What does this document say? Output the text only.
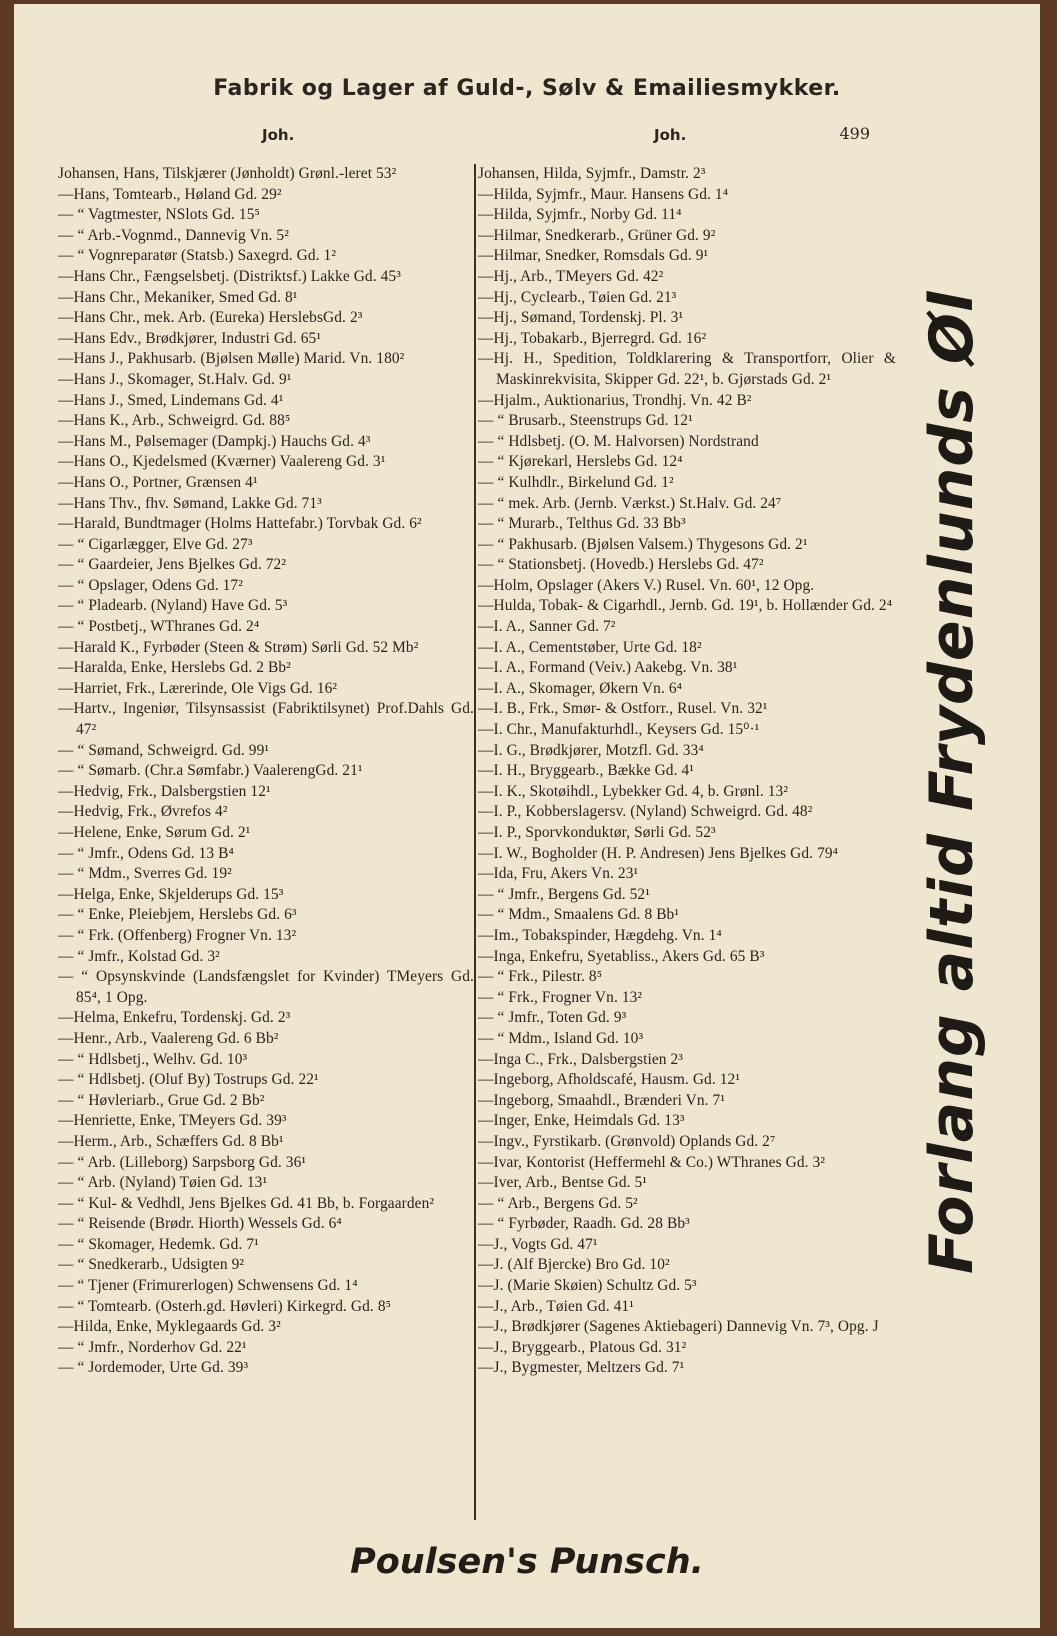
Fabrik og Lager af Guld-, Sølv & Emailiesmykker.
Joh.	Joh.	499
Johansen, Hans, Tilskjærer (Jønholdt) Grønl.-leret 53²
—Hans, Tomtearb., Høland Gd. 29²
— “ Vagtmester, NSlots Gd. 15⁵
— “ Arb.-Vognmd., Dannevig Vn. 5²
— “ Vognreparatør (Statsb.) Saxegrd. Gd. 1²
—Hans Chr., Fængselsbetj. (Distriktsf.) Lakke Gd. 45³
—Hans Chr., Mekaniker, Smed Gd. 8¹
—Hans Chr., mek. Arb. (Eureka) HerslebsGd. 2³
—Hans Edv., Brødkjører, Industri Gd. 65¹
—Hans J., Pakhusarb. (Bjølsen Mølle) Marid. Vn. 180²
—Hans J., Skomager, St.Halv. Gd. 9¹
—Hans J., Smed, Lindemans Gd. 4¹
—Hans K., Arb., Schweigrd. Gd. 88⁵
—Hans M., Pølsemager (Dampkj.) Hauchs Gd. 4³
—Hans O., Kjedelsmed (Kværner) Vaalereng Gd. 3¹
—Hans O., Portner, Grænsen 4¹
—Hans Thv., fhv. Sømand, Lakke Gd. 71³
—Harald, Bundtmager (Holms Hattefabr.) Torvbak Gd. 6²
— “ Cigarlægger, Elve Gd. 27³
— “ Gaardeier, Jens Bjelkes Gd. 72²
— “ Opslager, Odens Gd. 17²
— “ Pladearb. (Nyland) Have Gd. 5³
— “ Postbetj., WThranes Gd. 2⁴
—Harald K., Fyrbøder (Steen & Strøm) Sørli Gd. 52 Mb²
—Haralda, Enke, Herslebs Gd. 2 Bb²
—Harriet, Frk., Lærerinde, Ole Vigs Gd. 16²
—Hartv., Ingeniør, Tilsynsassist (Fabriktilsynet) Prof.Dahls Gd. 47²
— “ Sømand, Schweigrd. Gd. 99¹
— “ Sømarb. (Chr.a Sømfabr.) VaalerengGd. 21¹
—Hedvig, Frk., Dalsbergstien 12¹
—Hedvig, Frk., Øvrefos 4²
—Helene, Enke, Sørum Gd. 2¹
— “ Jmfr., Odens Gd. 13 B⁴
— “ Mdm., Sverres Gd. 19²
—Helga, Enke, Skjelderups Gd. 15³
— “ Enke, Pleiebjem, Herslebs Gd. 6³
— “ Frk. (Offenberg) Frogner Vn. 13²
— “ Jmfr., Kolstad Gd. 3²
— “ Opsynskvinde (Landsfængslet for Kvinder) TMeyers Gd. 85⁴, 1 Opg.
—Helma, Enkefru, Tordenskj. Gd. 2³
—Henr., Arb., Vaalereng Gd. 6 Bb²
— “ Hdlsbetj., Welhv. Gd. 10³
— “ Hdlsbetj. (Oluf By) Tostrups Gd. 22¹
— “ Høvleriarb., Grue Gd. 2 Bb²
—Henriette, Enke, TMeyers Gd. 39³
—Herm., Arb., Schæffers Gd. 8 Bb¹
— “ Arb. (Lilleborg) Sarpsborg Gd. 36¹
— “ Arb. (Nyland) Tøien Gd. 13¹
— “ Kul- & Vedhdl, Jens Bjelkes Gd. 41 Bb, b. Forgaarden²
— “ Reisende (Brødr. Hiorth) Wessels Gd. 6⁴
— “ Skomager, Hedemk. Gd. 7¹
— “ Snedkerarb., Udsigten 9²
— “ Tjener (Frimurerlogen) Schwensens Gd. 1⁴
— “ Tomtearb. (Osterh.gd. Høvleri) Kirkegrd. Gd. 8⁵
—Hilda, Enke, Myklegaards Gd. 3²
— “ Jmfr., Norderhov Gd. 22¹
— “ Jordemoder, Urte Gd. 39³
Johansen, Hilda, Syjmfr., Damstr. 2³
—Hilda, Syjmfr., Maur. Hansens Gd. 1⁴
—Hilda, Syjmfr., Norby Gd. 11⁴
—Hilmar, Snedkerarb., Grüner Gd. 9²
—Hilmar, Snedker, Romsdals Gd. 9¹
—Hj., Arb., TMeyers Gd. 42²
—Hj., Cyclearb., Tøien Gd. 21³
—Hj., Sømand, Tordenskj. Pl. 3¹
—Hj., Tobakarb., Bjerregrd. Gd. 16²
—Hj. H., Spedition, Toldklarering & Transportforr, Olier & Maskinrekvisita, Skipper Gd. 22¹, b. Gjørstads Gd. 2¹
—Hjalm., Auktionarius, Trondhj. Vn. 42 B²
— “ Brusarb., Steenstrups Gd. 12¹
— “ Hdlsbetj. (O. M. Halvorsen) Nordstrand
— “ Kjørekarl, Herslebs Gd. 12⁴
— “ Kulhdlr., Birkelund Gd. 1²
— “ mek. Arb. (Jernb. Værkst.) St.Halv. Gd. 24⁷
— “ Murarb., Telthus Gd. 33 Bb³
— “ Pakhusarb. (Bjølsen Valsem.) Thygesons Gd. 2¹
— “ Stationsbetj. (Hovedb.) Herslebs Gd. 47²
—Holm, Opslager (Akers V.) Rusel. Vn. 60¹, 12 Opg.
—Hulda, Tobak- & Cigarhdl., Jernb. Gd. 19¹, b. Hollænder Gd. 2⁴
—I. A., Sanner Gd. 7²
—I. A., Cementstøber, Urte Gd. 18²
—I. A., Formand (Veiv.) Aakebg. Vn. 38¹
—I. A., Skomager, Økern Vn. 6⁴
—I. B., Frk., Smør- & Ostforr., Rusel. Vn. 32¹
—I. Chr., Manufakturhdl., Keysers Gd. 15⁰·¹
—I. G., Brødkjører, Motzfl. Gd. 33⁴
—I. H., Bryggearb., Bække Gd. 4¹
—I. K., Skotøihdl., Lybekker Gd. 4, b. Grønl. 13²
—I. P., Kobberslagersv. (Nyland) Schweigrd. Gd. 48²
—I. P., Sporvkonduktør, Sørli Gd. 52³
—I. W., Bogholder (H. P. Andresen) Jens Bjelkes Gd. 79⁴
—Ida, Fru, Akers Vn. 23¹
— “ Jmfr., Bergens Gd. 52¹
— “ Mdm., Smaalens Gd. 8 Bb¹
—Im., Tobakspinder, Hægdehg. Vn. 1⁴
—Inga, Enkefru, Syetabliss., Akers Gd. 65 B³
— “ Frk., Pilestr. 8⁵
— “ Frk., Frogner Vn. 13²
— “ Jmfr., Toten Gd. 9³
— “ Mdm., Island Gd. 10³
—Inga C., Frk., Dalsbergstien 2³
—Ingeborg, Afholdscafé, Hausm. Gd. 12¹
—Ingeborg, Smaahdl., Brænderi Vn. 7¹
—Inger, Enke, Heimdals Gd. 13³
—Ingv., Fyrstikarb. (Grønvold) Oplands Gd. 2⁷
—Ivar, Kontorist (Heffermehl & Co.) WThranes Gd. 3²
—Iver, Arb., Bentse Gd. 5¹
— “ Arb., Bergens Gd. 5²
— “ Fyrbøder, Raadh. Gd. 28 Bb³
—J., Vogts Gd. 47¹
—J. (Alf Bjercke) Bro Gd. 10²
—J. (Marie Skøien) Schultz Gd. 5³
—J., Arb., Tøien Gd. 41¹
—J., Brødkjører (Sagenes Aktiebageri) Dannevig Vn. 7³, Opg. J
—J., Bryggearb., Platous Gd. 31²
—J., Bygmester, Meltzers Gd. 7¹
Forlang altid Frydenlunds Øl
Poulsen's Punsch.
